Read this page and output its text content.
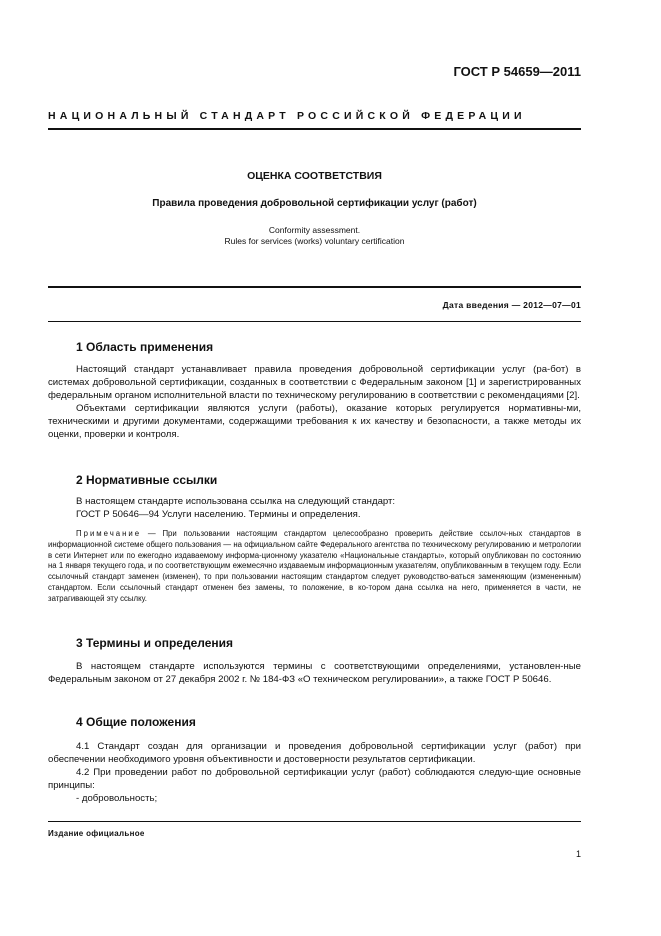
ГОСТ Р 54659—2011
НАЦИОНАЛЬНЫЙ СТАНДАРТ РОССИЙСКОЙ ФЕДЕРАЦИИ
ОЦЕНКА СООТВЕТСТВИЯ
Правила проведения добровольной сертификации услуг (работ)
Conformity assessment.
Rules for services (works) voluntary certification
Дата введения — 2012—07—01
1 Область применения
Настоящий стандарт устанавливает правила проведения добровольной сертификации услуг (ра-бот) в системах добровольной сертификации, созданных в соответствии с Федеральным законом [1] и зарегистрированных федеральным органом исполнительной власти по техническому регулированию в соответствии с рекомендациями [2].
Объектами сертификации являются услуги (работы), оказание которых регулируется нормативны-ми, техническими и другими документами, содержащими требования к их качеству и безопасности, а также методы их оценки, проверки и контроля.
2 Нормативные ссылки
В настоящем стандарте использована ссылка на следующий стандарт:
ГОСТ Р 50646—94 Услуги населению. Термины и определения.
Примечание — При пользовании настоящим стандартом целесообразно проверить действие ссылоч-ных стандартов в информационной системе общего пользования — на официальном сайте Федерального агентства по техническому регулированию и метрологии в сети Интернет или по ежегодно издаваемому информа-ционному указателю «Национальные стандарты», который опубликован по состоянию на 1 января текущего года, и по соответствующим ежемесячно издаваемым информационным указателям, опубликованным в текущем году. Если ссылочный стандарт заменен (изменен), то при пользовании настоящим стандартом следует руководство-ваться заменяющим (измененным) стандартом. Если ссылочный стандарт отменен без замены, то положение, в ко-тором дана ссылка на него, применяется в части, не затрагивающей эту ссылку.
3 Термины и определения
В настоящем стандарте используются термины с соответствующими определениями, установлен-ные Федеральным законом от 27 декабря 2002 г. № 184-ФЗ «О техническом регулировании», а также ГОСТ Р 50646.
4 Общие положения
4.1 Стандарт создан для организации и проведения добровольной сертификации услуг (работ) при обеспечении необходимого уровня объективности и достоверности результатов сертификации.
4.2 При проведении работ по добровольной сертификации услуг (работ) соблюдаются следую-щие основные принципы:
- добровольность;
Издание официальное
1
